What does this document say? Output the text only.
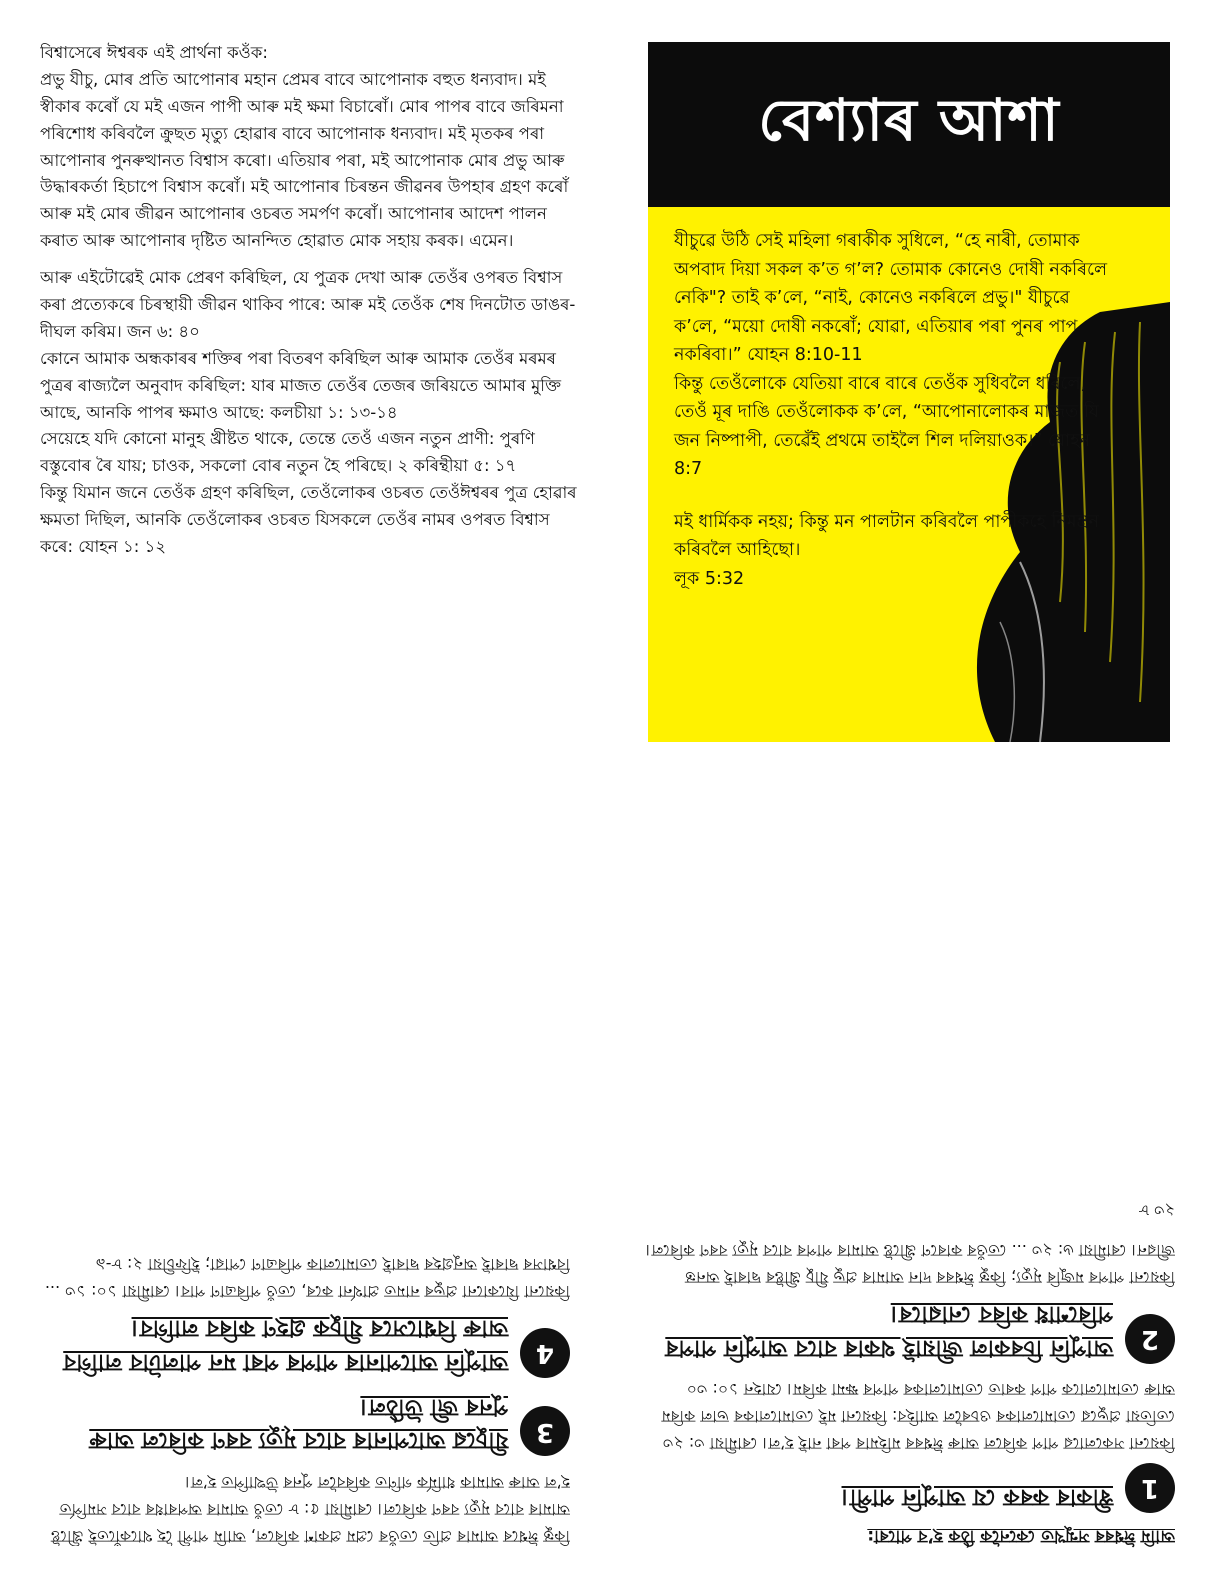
বিশ্বাসেৰে ঈশ্বৰক এই প্ৰাৰ্থনা কওঁক:
প্ৰভু যীচু, মোৰ প্ৰতি আপোনাৰ মহান প্ৰেমৰ বাবে আপোনাক বহুত ধন্যবাদ। মই স্বীকাৰ কৰোঁ যে মই এজন পাপী আৰু মই ক্ষমা বিচাৰোঁ। মোৰ পাপৰ বাবে জৰিমনা পৰিশোধ কৰিবলৈ ক্ৰুছত মৃত্যু হোৱাৰ বাবে আপোনাক ধন্যবাদ। মই মৃতকৰ পৰা আপোনাৰ পুনৰুত্থানত বিশ্বাস কৰো। এতিয়াৰ পৰা, মই আপোনাক মোৰ প্ৰভু আৰু উদ্ধাৰকৰ্তা হিচাপে বিশ্বাস কৰোঁ। মই আপোনাৰ চিৰন্তন জীৱনৰ উপহাৰ গ্ৰহণ কৰোঁ আৰু মই মোৰ জীৱন আপোনাৰ ওচৰত সমৰ্পণ কৰোঁ। আপোনাৰ আদেশ পালন কৰাত আৰু আপোনাৰ দৃষ্টিত আনন্দিত হোৱাত মোক সহায় কৰক। এমেন।

আৰু এইটোৱেই মোক প্ৰেৰণ কৰিছিল, যে পুত্ৰক দেখা আৰু তেওঁৰ ওপৰত বিশ্বাস কৰা প্ৰত্যেকৰে চিৰস্থায়ী জীৱন থাকিব পাৰে: আৰু মই তেওঁক শেষ দিনটোত ডাঙৰ-দীঘল কৰিম। জন ৬: ৪০

কোনে আমাক অন্ধকাৰৰ শক্তিৰ পৰা বিতৰণ কৰিছিল আৰু আমাক তেওঁৰ মৰমৰ পুত্ৰৰ ৰাজ্যলৈ অনুবাদ কৰিছিল: যাৰ মাজত তেওঁৰ তেজৰ জৰিয়তে আমাৰ মুক্তি আছে, আনকি পাপৰ ক্ষমাও আছে: কলচীয়া ১: ১৩-১৪

সেয়েহে যদি কোনো মানুহ খ্ৰীষ্টত থাকে, তেন্তে তেওঁ এজন নতুন প্ৰাণী: পুৰণি বস্তুবোৰ ৰৈ যায়; চাওক, সকলো বোৰ নতুন হৈ পৰিছে। ২ কৰিন্থীয়া ৫: ১৭

কিন্তু যিমান জনে তেওঁক গ্ৰহণ কৰিছিল, তেওঁলোকৰ ওচৰত তেওঁঈশ্বৰৰ পুত্ৰ হোৱাৰ ক্ষমতা দিছিল, আনকি তেওঁলোকৰ ওচৰত যিসকলে তেওঁৰ নামৰ ওপৰত বিশ্বাস কৰে: যোহন ১: ১২

বেশ্যাৰ আশা

যীচুৱে উঠি সেই মহিলা গৰাকীক সুধিলে, “হে নাৰী, তোমাক অপবাদ দিয়া সকল ক’ত গ’ল? তোমাক কোনেও দোষী নকৰিলে নেকি"? তাই ক’লে, “নাই, কোনেও নকৰিলে প্ৰভু।" যীচুৱে ক’লে, “ময়ো দোষী নকৰোঁ; যোৱা, এতিয়াৰ পৰা পুনৰ পাপ নকৰিবা।” যোহন 8:10-11
কিন্তু তেওঁলোকে যেতিয়া বাৰে বাৰে তেওঁক সুধিবলৈ ধৰিলে, তেওঁ মূৰ দাঙি তেওঁলোকক ক’লে, “আপোনালোকৰ মাজত যি জন নিষ্পাপী, তেৱেঁই প্ৰথমে তাইলৈ শিল দলিয়াওক।” যোহন 8:7

মই ধাৰ্মিকক নহয়; কিন্তু মন পালটান কৰিবলৈ পাপীকহে নিমন্ত্ৰন কৰিবলৈ আহিছো।
লূক 5:32

কিন্তু ঈশ্বৰে আমাৰ প্ৰতি তেওঁৰ প্ৰেম প্ৰকাশ কৰিলে, আমি পাপী হৈ থাকোঁতেই খ্ৰীষ্টে আমাৰ বাবে মৃত্যু বৰণ কৰিলে। ৰোমীয়া ৫: ৮ তেওঁ আমাৰ অপৰাধৰ বাবে সমৰ্পিত হ’ল আৰু আমাক ধাৰ্মিক গণিত কৰিবলৈ পুনৰ উত্থাপিত হ’ল।
3
যীচুৱে আপোনাৰ বাবে মৃত্যু বৰণ কৰিলে আৰু পুনৰ জী উঠিল।
4
আপুনি আপোনাৰ পাপৰ পৰা মন পালটাব লাগিব আৰু বিশ্বাসেৰে যীচুক গ্ৰহণ কৰিব লাগিব।
কিয়নো যিকোনো প্ৰভুৰ নামত প্ৰাৰ্থনা কৰে, তেওঁ পৰিত্ৰাণ পাব। ৰোমীয়া ১০: ১৩ ... বিশ্বাসৰ দ্বাৰাই অনুগ্ৰহৰ দ্বাৰাই তোমালোক পৰিত্ৰাণ পোৱা; ইফিচীয়া ২: ৮-৯
আমি ঈশ্বৰৰ সন্মুখত কেনেকৈ ঠিক হ’ব পাৰো:
1
স্বীকাৰ কৰক যে আপুনি পাপী।
কিয়নো সকলোৱে পাপ কৰিলে আৰু ঈশ্বৰৰ মহিমাৰ পৰা নাই হ’ল। ৰোমীয়া ৩: ২৩ তেতিয়া প্ৰভুৱে তোমালোকৰ ওচৰলৈ আহিব: কিয়নো মই তোমালোকৰ ভাল কৰিম আৰু তোমালোকে পাপ কৰাত তোমালোকৰ পাপৰ ক্ষমা কৰিম। যোহন ১০: ৩০
2
আপুনি চিৰকাল জীয়াই থকাৰ বাবে আপুনি পাপৰ পৰিশোধ কৰিব নোৱাৰে।
কিয়নো পাপৰ মজুৰি মৃত্যু; কিন্তু ঈশ্বৰৰ দান আমাৰ প্ৰভু যীচু খ্ৰীষ্টৰ দ্বাৰাই অনন্ত জীৱন। ৰোমীয়া ৬: ২৩ ... তেওঁৰ কাৰণে খ্ৰীষ্টে আমাৰ পাপৰ বাবে মৃত্যু বৰণ কৰিলে।
২৩ ৮
